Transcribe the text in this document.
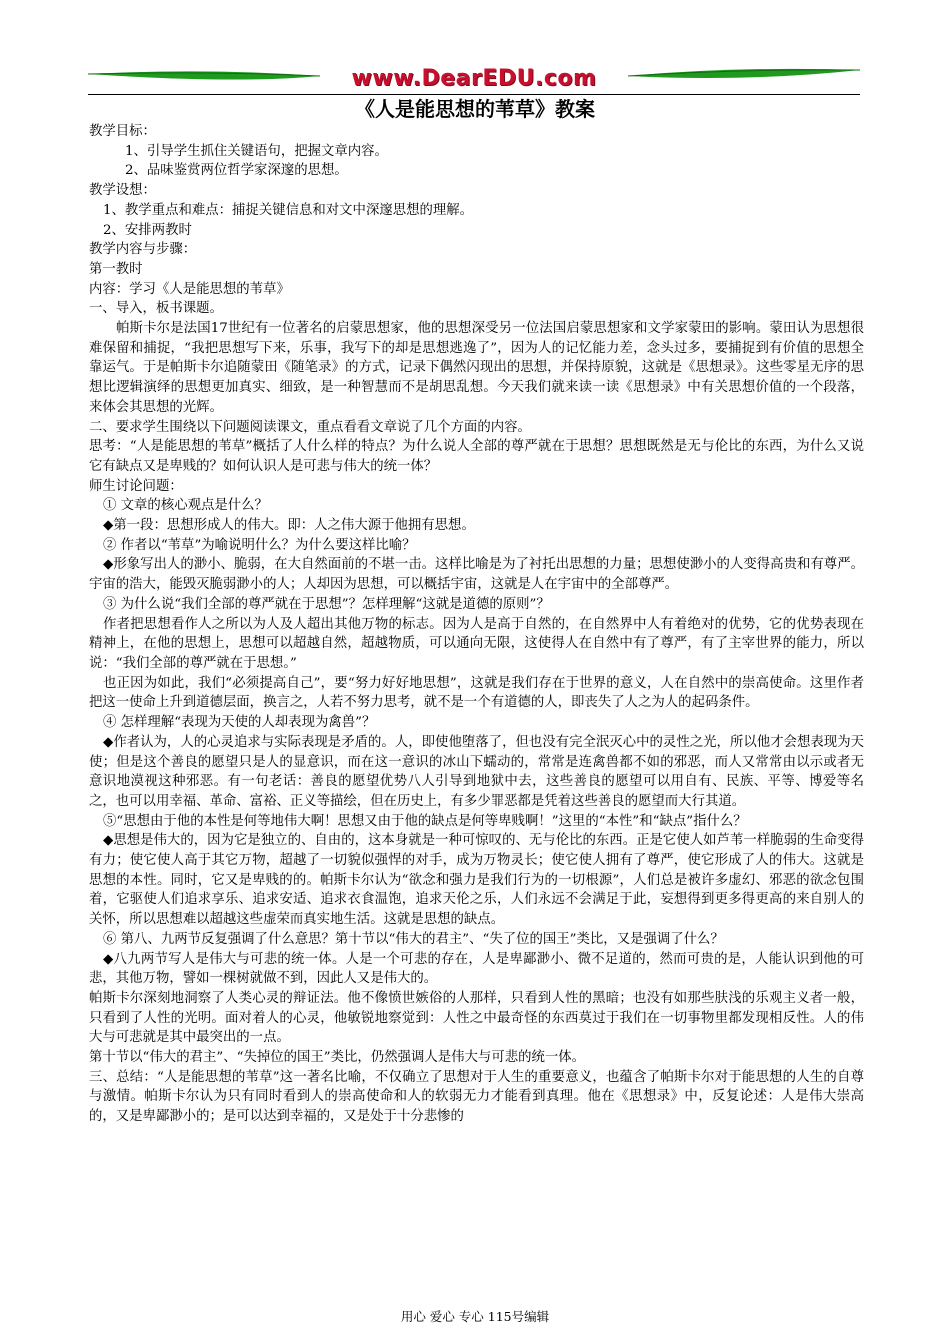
www.DearEDU.com
《人是能思想的苇草》教案

教学目标：

1、引导学生抓住关键语句，把握文章内容。

2、品味鉴赏两位哲学家深邃的思想。

教学设想：

1、教学重点和难点：捕捉关键信息和对文中深邃思想的理解。

2、安排两教时

教学内容与步骤：

第一教时

内容：学习《人是能思想的苇草》

一、导入，板书课题。

帕斯卡尔是法国17世纪有一位著名的启蒙思想家，他的思想深受另一位法国启蒙思想家和文学家蒙田的影响。蒙田认为思想很难保留和捕捉，“我把思想写下来，乐事，我写下的却是思想逃逸了”，因为人的记忆能力差，念头过多，要捕捉到有价值的思想全靠运气。于是帕斯卡尔追随蒙田《随笔录》的方式，记录下偶然闪现出的思想，并保持原貌，这就是《思想录》。这些零星无序的思想比逻辑演绎的思想更加真实、细致，是一种智慧而不是胡思乱想。今天我们就来读一读《思想录》中有关思想价值的一个段落，来体会其思想的光辉。

二、要求学生围绕以下问题阅读课文，重点看看文章说了几个方面的内容。

思考：“人是能思想的苇草”概括了人什么样的特点？为什么说人全部的尊严就在于思想？思想既然是无与伦比的东西，为什么又说它有缺点又是卑贱的？如何认识人是可悲与伟大的统一体？

师生讨论问题：

① 文章的核心观点是什么？

◆第一段：思想形成人的伟大。即：人之伟大源于他拥有思想。

② 作者以“苇草”为喻说明什么？为什么要这样比喻？

◆形象写出人的渺小、脆弱，在大自然面前的不堪一击。这样比喻是为了衬托出思想的力量；思想使渺小的人变得高贵和有尊严。宇宙的浩大，能毁灭脆弱渺小的人；人却因为思想，可以概括宇宙，这就是人在宇宙中的全部尊严。

③ 为什么说“我们全部的尊严就在于思想”？怎样理解“这就是道德的原则”？

作者把思想看作人之所以为人及人超出其他万物的标志。因为人是高于自然的，在自然界中人有着绝对的优势，它的优势表现在精神上，在他的思想上，思想可以超越自然，超越物质，可以通向无限，这使得人在自然中有了尊严，有了主宰世界的能力，所以说：“我们全部的尊严就在于思想。”

也正因为如此，我们“必须提高自己”，要“努力好好地思想”，这就是我们存在于世界的意义，人在自然中的崇高使命。这里作者把这一使命上升到道德层面，换言之，人若不努力思考，就不是一个有道德的人，即丧失了人之为人的起码条件。

④ 怎样理解“表现为天使的人却表现为禽兽”？

◆作者认为，人的心灵追求与实际表现是矛盾的。人，即使他堕落了，但也没有完全泯灭心中的灵性之光，所以他才会想表现为天使；但是这个善良的愿望只是人的显意识，而在这一意识的冰山下蠕动的，常常是连禽兽都不如的邪恶，而人又常常由以示或者无意识地漠视这种邪恶。有一句老话：善良的愿望优势八人引导到地狱中去，这些善良的愿望可以用自有、民族、平等、博爱等名之，也可以用幸福、革命、富裕、正义等描绘，但在历史上，有多少罪恶都是凭着这些善良的愿望而大行其道。

⑤“思想由于他的本性是何等地伟大啊！思想又由于他的缺点是何等卑贱啊！”这里的“本性”和“缺点”指什么？

◆思想是伟大的，因为它是独立的、自由的，这本身就是一种可惊叹的、无与伦比的东西。正是它使人如芦苇一样脆弱的生命变得有力；使它使人高于其它万物，超越了一切貌似强悍的对手，成为万物灵长；使它使人拥有了尊严，使它形成了人的伟大。这就是思想的本性。同时，它又是卑贱的的。帕斯卡尔认为“欲念和强力是我们行为的一切根源”，人们总是被许多虚幻、邪恶的欲念包围着，它驱使人们追求享乐、追求安适、追求衣食温饱，追求天伦之乐，人们永远不会满足于此，妄想得到更多得更高的来自别人的关怀，所以思想难以超越这些虚荣而真实地生活。这就是思想的缺点。

⑥ 第八、九两节反复强调了什么意思？第十节以“伟大的君主”、“失了位的国王”类比，又是强调了什么？

◆八九两节写人是伟大与可悲的统一体。人是一个可悲的存在，人是卑鄙渺小、微不足道的，然而可贵的是，人能认识到他的可悲，其他万物，譬如一棵树就做不到，因此人又是伟大的。

帕斯卡尔深刻地洞察了人类心灵的辩证法。他不像愤世嫉俗的人那样，只看到人性的黑暗；也没有如那些肤浅的乐观主义者一般，只看到了人性的光明。面对着人的心灵，他敏锐地察觉到：人性之中最奇怪的东西莫过于我们在一切事物里都发现相反性。人的伟大与可悲就是其中最突出的一点。

第十节以“伟大的君主”、“失掉位的国王”类比，仍然强调人是伟大与可悲的统一体。

三、总结：“人是能思想的苇草”这一著名比喻，不仅确立了思想对于人生的重要意义，也蕴含了帕斯卡尔对于能思想的人生的自尊与激情。帕斯卡尔认为只有同时看到人的崇高使命和人的软弱无力才能看到真理。他在《思想录》中，反复论述：人是伟大崇高的，又是卑鄙渺小的；是可以达到幸福的，又是处于十分悲惨的

用心 爱心 专心 115号编辑
